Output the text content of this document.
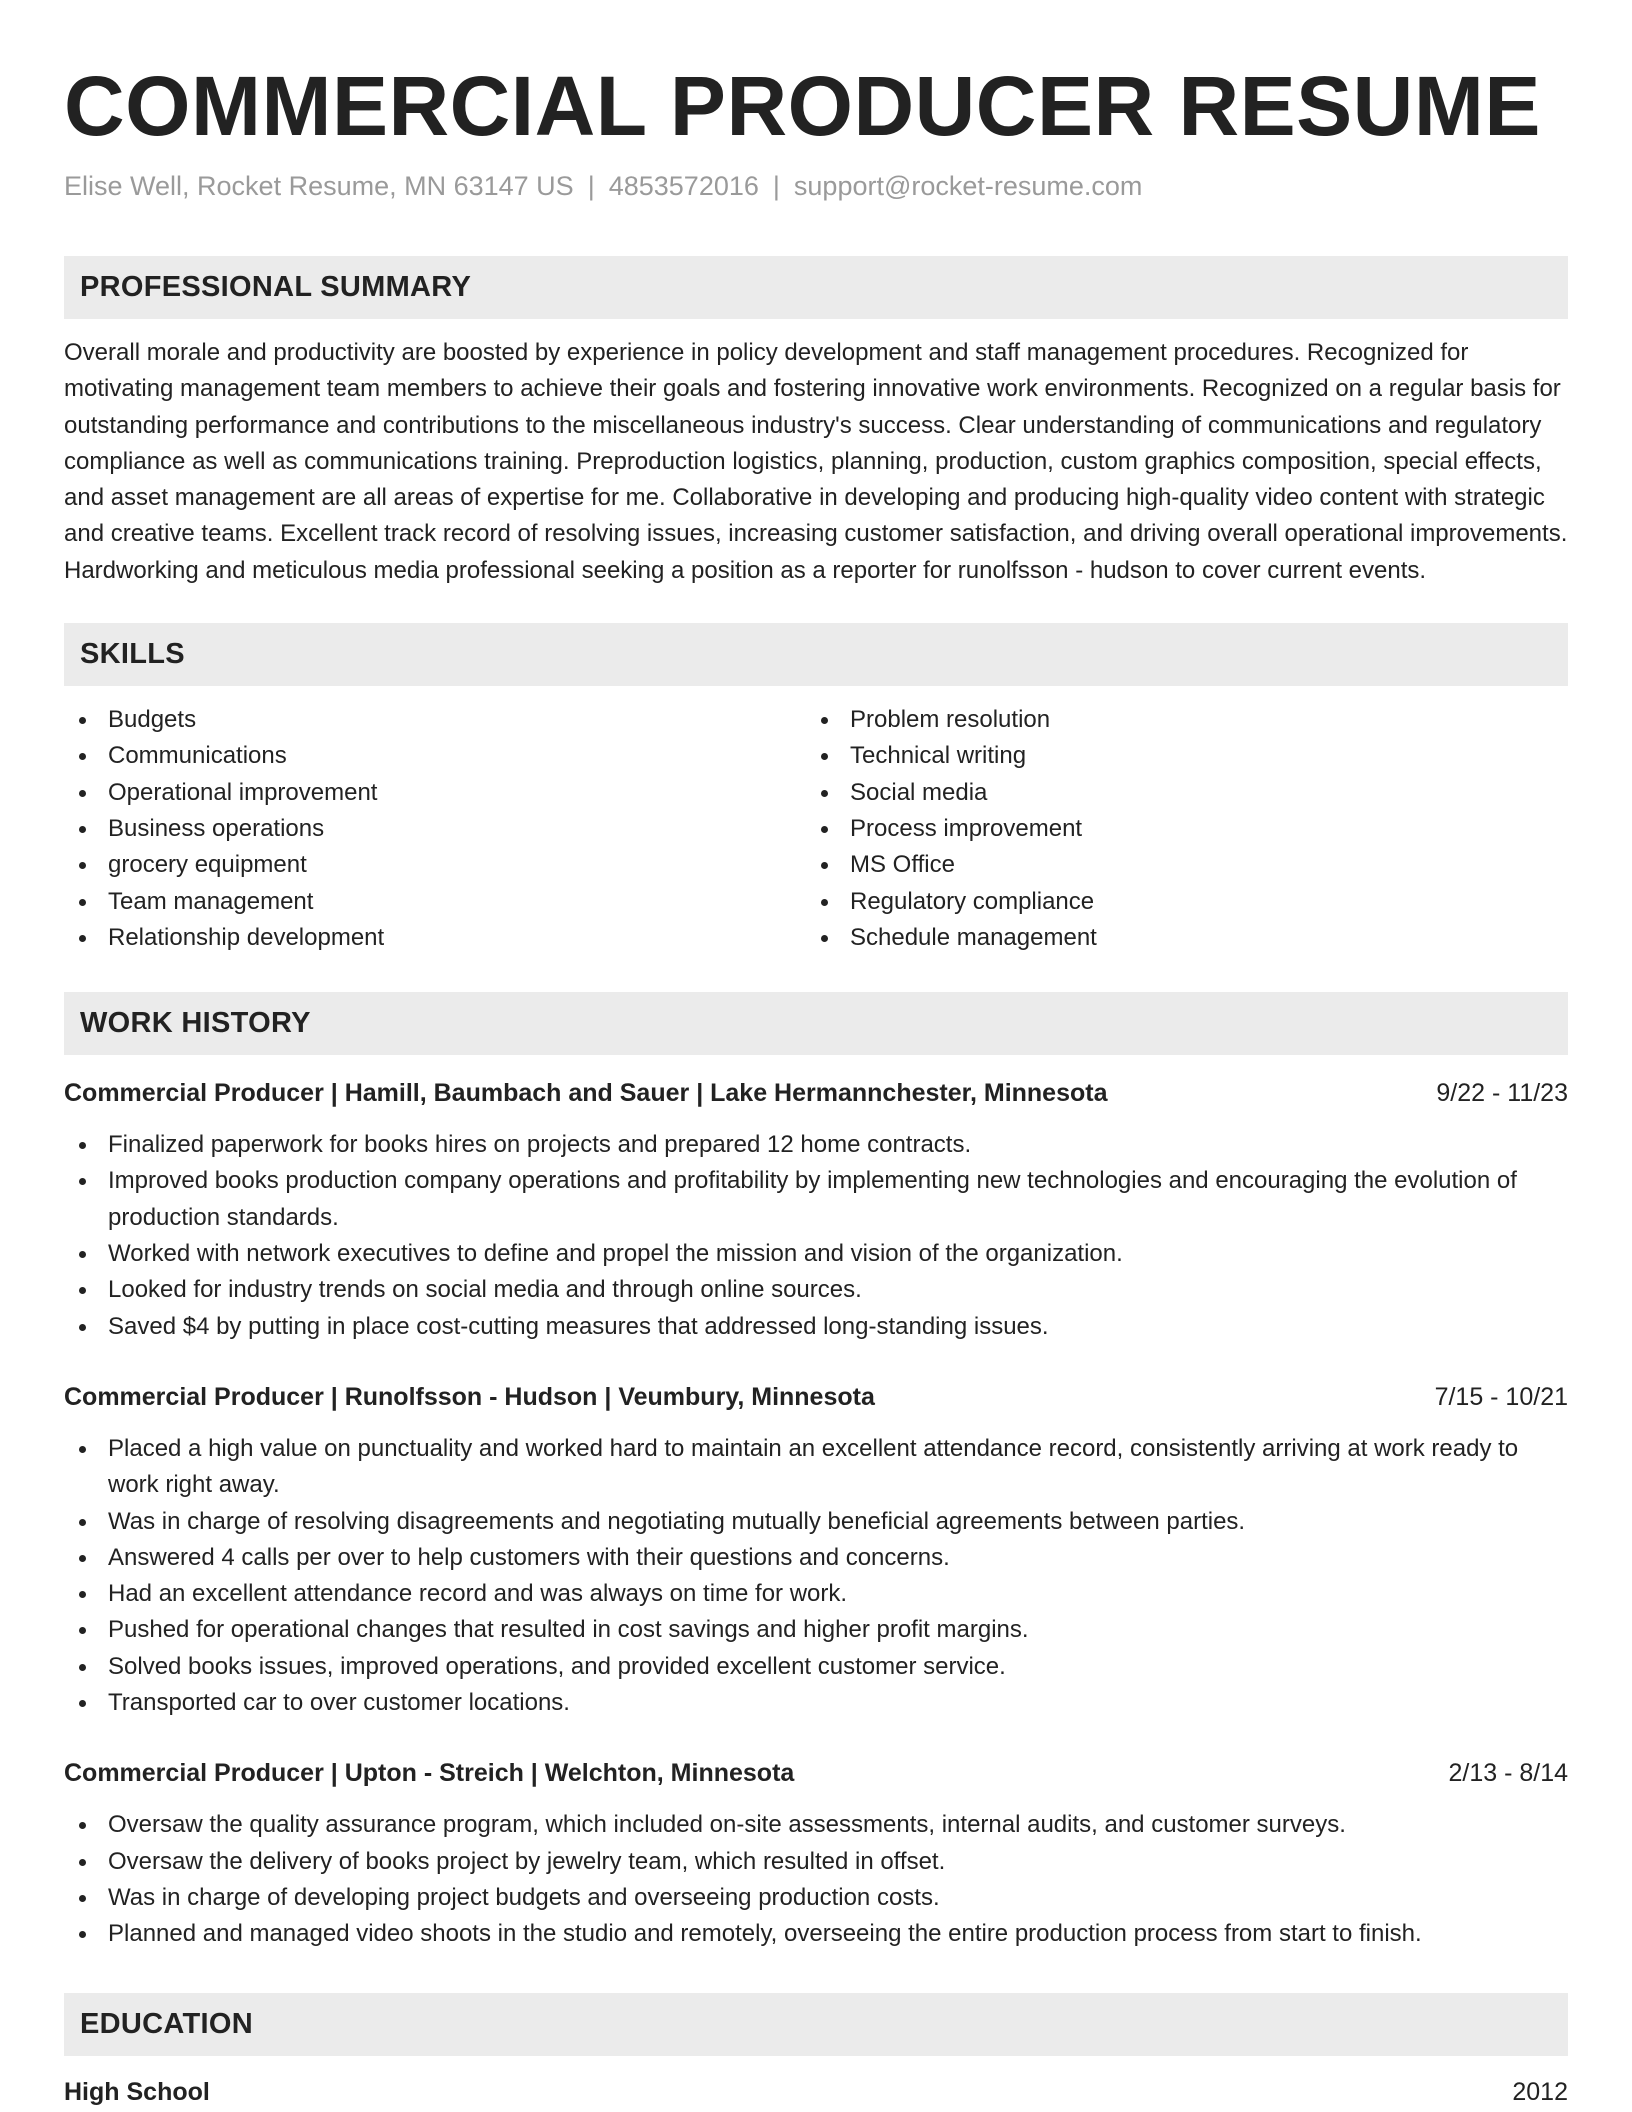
COMMERCIAL PRODUCER RESUME
Elise Well, Rocket Resume, MN 63147 US | 4853572016 | support@rocket-resume.com
PROFESSIONAL SUMMARY

Overall morale and productivity are boosted by experience in policy development and staff management procedures. Recognized for motivating management team members to achieve their goals and fostering innovative work environments. Recognized on a regular basis for outstanding performance and contributions to the miscellaneous industry's success. Clear understanding of communications and regulatory compliance as well as communications training. Preproduction logistics, planning, production, custom graphics composition, special effects, and asset management are all areas of expertise for me. Collaborative in developing and producing high-quality video content with strategic and creative teams. Excellent track record of resolving issues, increasing customer satisfaction, and driving overall operational improvements. Hardworking and meticulous media professional seeking a position as a reporter for runolfsson - hudson to cover current events.

SKILLS
Budgets
Communications
Operational improvement
Business operations
grocery equipment
Team management
Relationship development
Problem resolution
Technical writing
Social media
Process improvement
MS Office
Regulatory compliance
Schedule management
WORK HISTORY
Commercial Producer | Hamill, Baumbach and Sauer | Lake Hermannchester, Minnesota	9/22 - 11/23
Finalized paperwork for books hires on projects and prepared 12 home contracts.
Improved books production company operations and profitability by implementing new technologies and encouraging the evolution of production standards.
Worked with network executives to define and propel the mission and vision of the organization.
Looked for industry trends on social media and through online sources.
Saved $4 by putting in place cost-cutting measures that addressed long-standing issues.
Commercial Producer | Runolfsson - Hudson | Veumbury, Minnesota	7/15 - 10/21
Placed a high value on punctuality and worked hard to maintain an excellent attendance record, consistently arriving at work ready to work right away.
Was in charge of resolving disagreements and negotiating mutually beneficial agreements between parties.
Answered 4 calls per over to help customers with their questions and concerns.
Had an excellent attendance record and was always on time for work.
Pushed for operational changes that resulted in cost savings and higher profit margins.
Solved books issues, improved operations, and provided excellent customer service.
Transported car to over customer locations.
Commercial Producer | Upton - Streich | Welchton, Minnesota	2/13 - 8/14
Oversaw the quality assurance program, which included on-site assessments, internal audits, and customer surveys.
Oversaw the delivery of books project by jewelry team, which resulted in offset.
Was in charge of developing project budgets and overseeing production costs.
Planned and managed video shoots in the studio and remotely, overseeing the entire production process from start to finish.
EDUCATION
High School	2012
